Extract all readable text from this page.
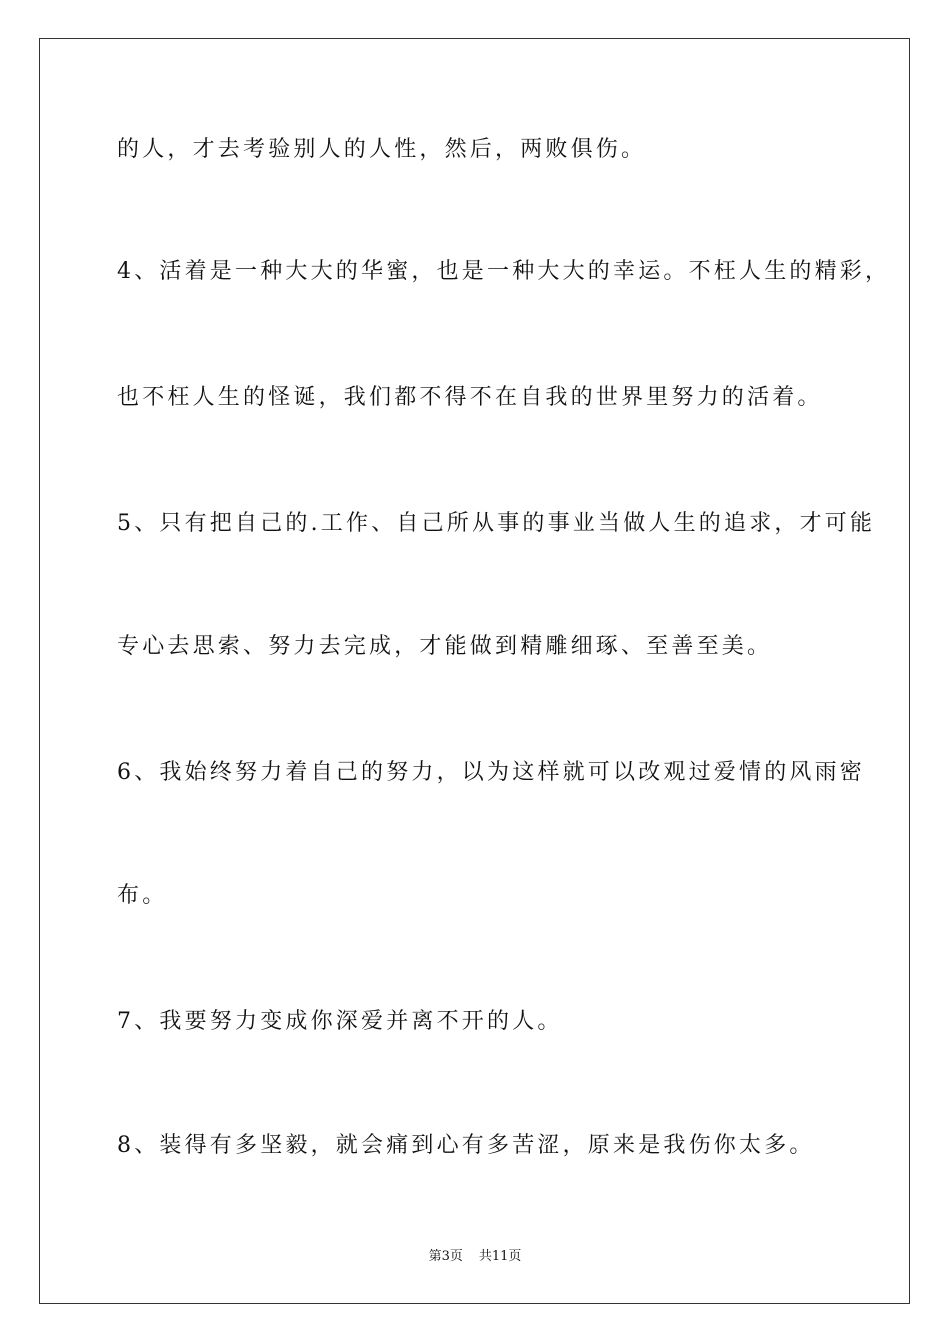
的人，才去考验别人的人性，然后，两败俱伤。
4、活着是一种大大的华蜜，也是一种大大的幸运。不枉人生的精彩，
也不枉人生的怪诞，我们都不得不在自我的世界里努力的活着。
5、只有把自己的.工作、自己所从事的事业当做人生的追求，才可能
专心去思索、努力去完成，才能做到精雕细琢、至善至美。
6、我始终努力着自己的努力，以为这样就可以改观过爱情的风雨密
布。
7、我要努力变成你深爱并离不开的人。
8、装得有多坚毅，就会痛到心有多苦涩，原来是我伤你太多。
第3页 共11页
